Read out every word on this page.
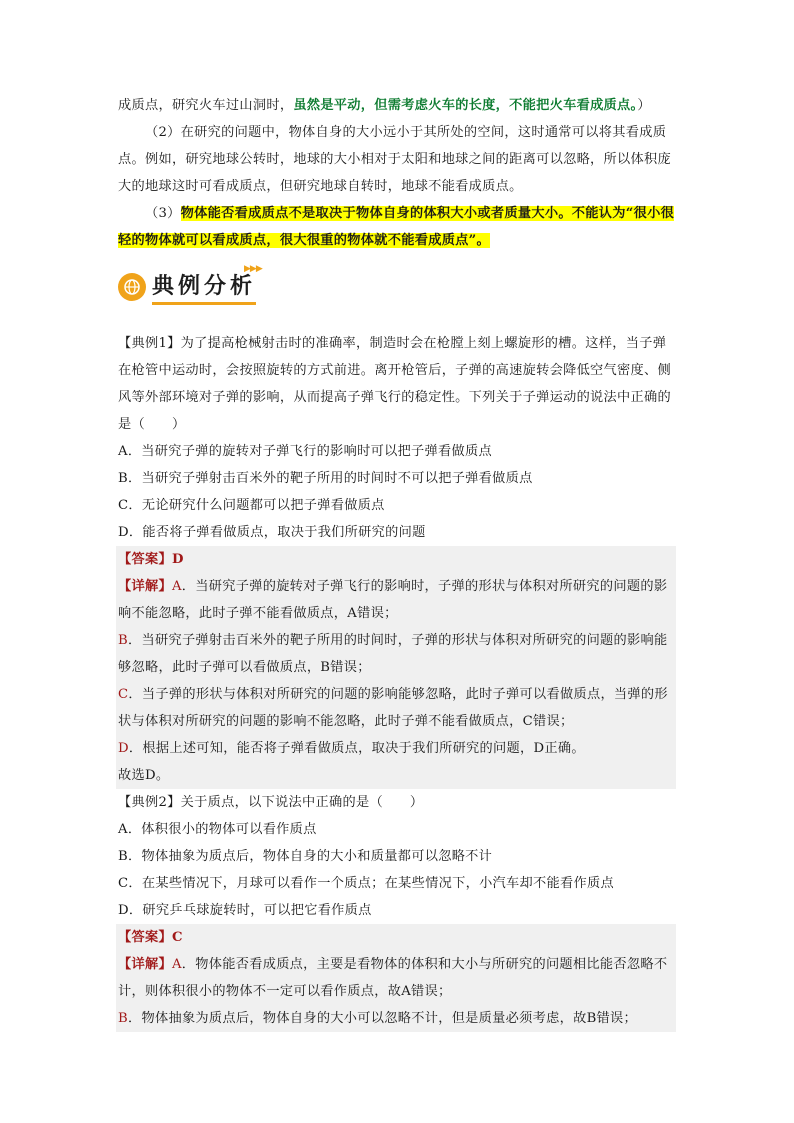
成质点，研究火车过山洞时，虽然是平动，但需考虑火车的长度，不能把火车看成质点。）

（2）在研究的问题中，物体自身的大小远小于其所处的空间，这时通常可以将其看成质点。例如，研究地球公转时，地球的大小相对于太阳和地球之间的距离可以忽略，所以体积庞大的地球这时可看成质点，但研究地球自转时，地球不能看成质点。

（3）物体能否看成质点不是取决于物体自身的体积大小或者质量大小。不能认为“很小很轻的物体就可以看成质点，很大很重的物体就不能看成质点”。

典例分析
▶▶▶

【典例1】为了提高枪械射击时的准确率，制造时会在枪膛上刻上螺旋形的槽。这样，当子弹在枪管中运动时，会按照旋转的方式前进。离开枪管后，子弹的高速旋转会降低空气密度、侧风等外部环境对子弹的影响，从而提高子弹飞行的稳定性。下列关于子弹运动的说法中正确的是（　　）

A．当研究子弹的旋转对子弹飞行的影响时可以把子弹看做质点

B．当研究子弹射击百米外的靶子所用的时间时不可以把子弹看做质点

C．无论研究什么问题都可以把子弹看做质点

D．能否将子弹看做质点，取决于我们所研究的问题

【答案】D

【详解】A．当研究子弹的旋转对子弹飞行的影响时，子弹的形状与体积对所研究的问题的影响不能忽略，此时子弹不能看做质点，A错误；

B．当研究子弹射击百米外的靶子所用的时间时，子弹的形状与体积对所研究的问题的影响能够忽略，此时子弹可以看做质点，B错误；

C．当子弹的形状与体积对所研究的问题的影响能够忽略，此时子弹可以看做质点，当弹的形状与体积对所研究的问题的影响不能忽略，此时子弹不能看做质点，C错误；

D．根据上述可知，能否将子弹看做质点，取决于我们所研究的问题，D正确。

故选D。

【典例2】关于质点，以下说法中正确的是（　　）

A．体积很小的物体可以看作质点

B．物体抽象为质点后，物体自身的大小和质量都可以忽略不计

C．在某些情况下，月球可以看作一个质点；在某些情况下，小汽车却不能看作质点

D．研究乒乓球旋转时，可以把它看作质点

【答案】C

【详解】A．物体能否看成质点，主要是看物体的体积和大小与所研究的问题相比能否忽略不计，则体积很小的物体不一定可以看作质点，故A错误；

B．物体抽象为质点后，物体自身的大小可以忽略不计，但是质量必须考虑，故B错误；
